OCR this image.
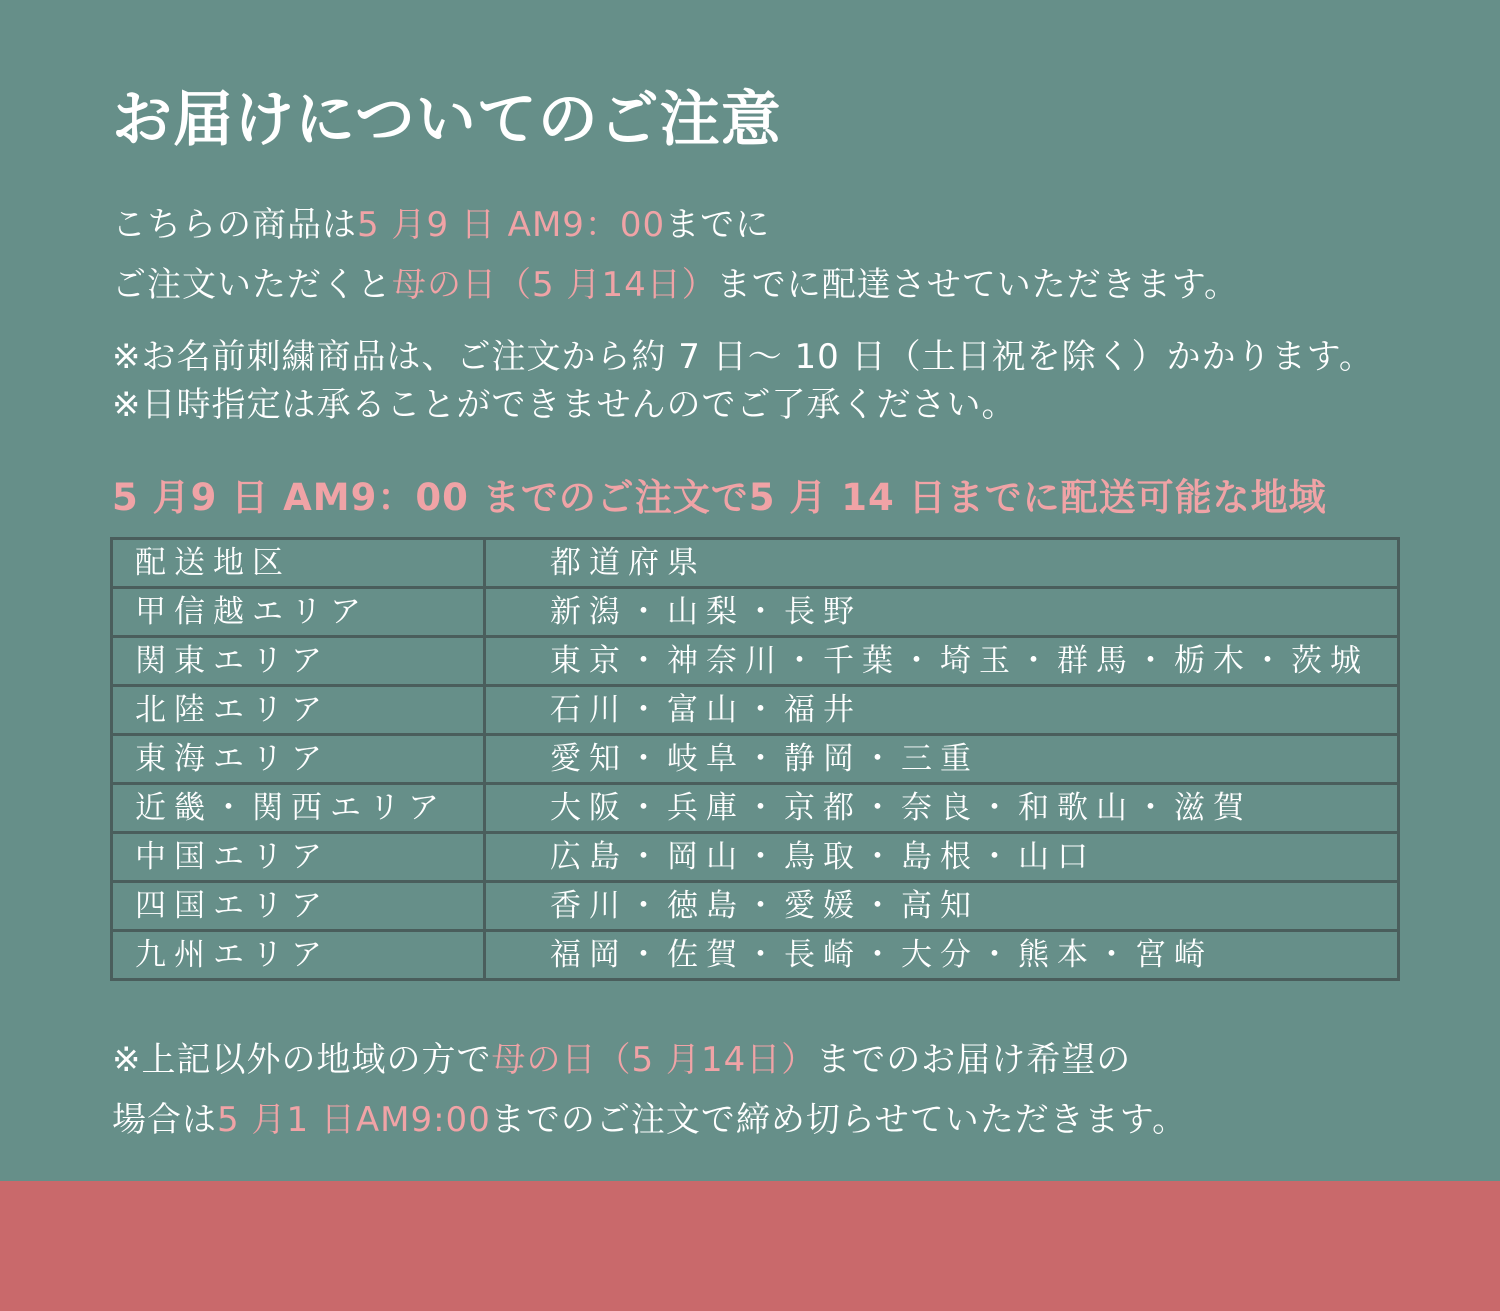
お届けについてのご注意

こちらの商品は5 月9 日 AM9：00までに
ご注文いただくと母の日（5 月14日）までに配達させていただきます。

※お名前刺繍商品は、ご注文から約 7 日～ 10 日（土日祝を除く）かかります。
※日時指定は承ることができませんのでご了承ください。

5 月9 日 AM9：00 までのご注文で5 月 14 日までに配送可能な地域
配送地区	都道府県
甲信越エリア	新潟・山梨・長野
関東エリア	東京・神奈川・千葉・埼玉・群馬・栃木・茨城
北陸エリア	石川・富山・福井
東海エリア	愛知・岐阜・静岡・三重
近畿・関西エリア	大阪・兵庫・京都・奈良・和歌山・滋賀
中国エリア	広島・岡山・鳥取・島根・山口
四国エリア	香川・徳島・愛媛・高知
九州エリア	福岡・佐賀・長崎・大分・熊本・宮崎

※上記以外の地域の方で母の日（5 月14日）までのお届け希望の
場合は5 月1 日AM9:00までのご注文で締め切らせていただきます。
